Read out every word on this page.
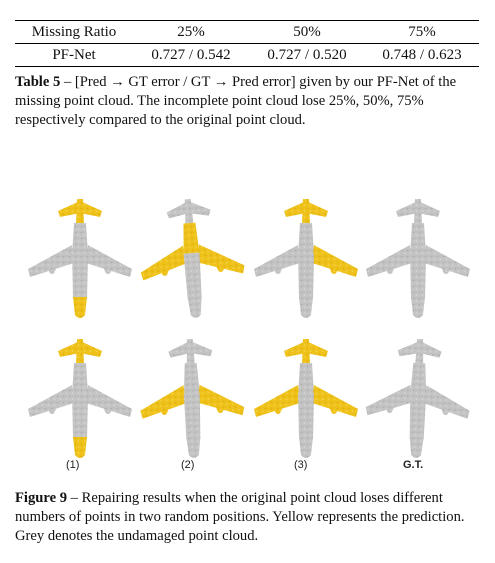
Missing Ratio	25%	50%	75%
PF-Net	0.727 / 0.542	0.727 / 0.520	0.748 / 0.623
Table 5 – [Pred → GT error / GT → Pred error] given by our PF-Net of the missing point cloud. The incomplete point cloud lose 25%, 50%, 75% respectively compared to the original point cloud.
(1)	(2)	(3)	G.T.
Figure 9 – Repairing results when the original point cloud loses different numbers of points in two random positions. Yellow represents the prediction. Grey denotes the undamaged point cloud.
